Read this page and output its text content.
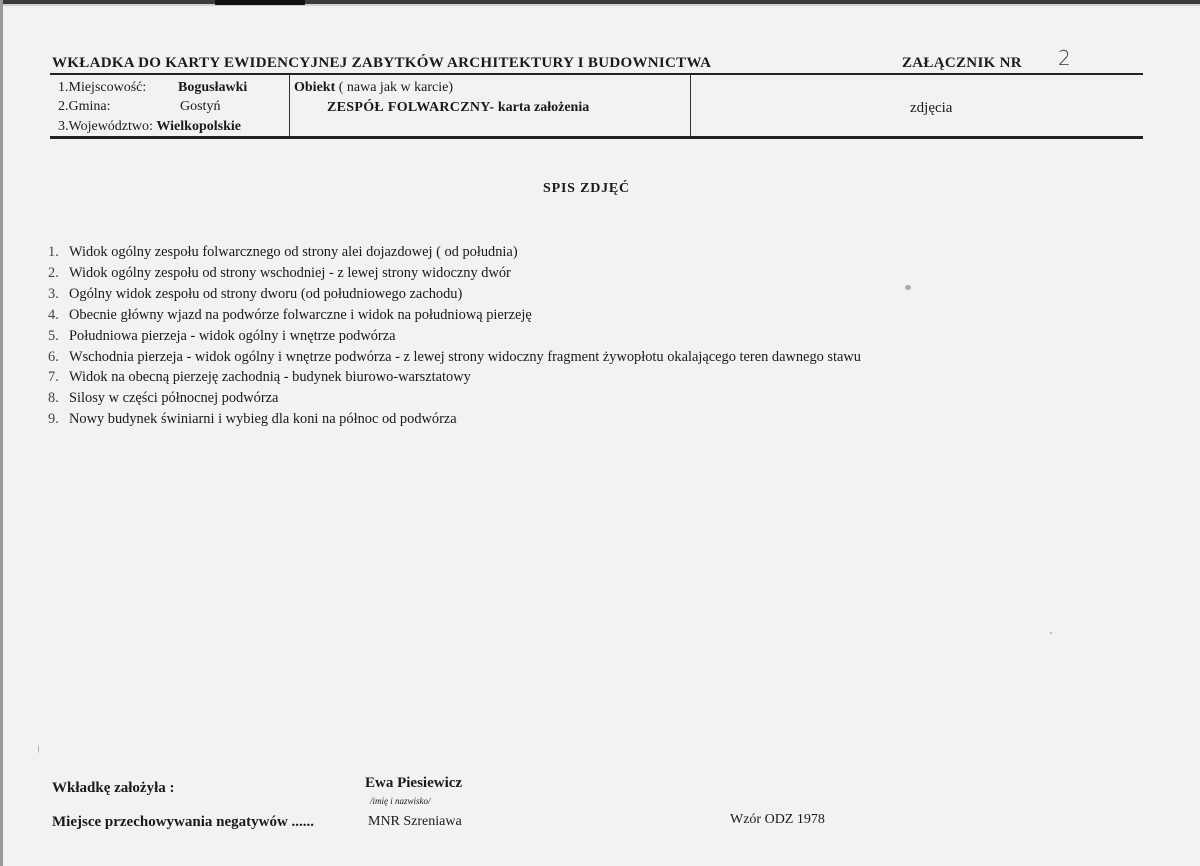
WKŁADKA DO KARTY EWIDENCYJNEJ ZABYTKÓW ARCHITEKTURY I BUDOWNICTWA	ZAŁĄCZNIK NR 2
1.Miejscowość: Bogusławki
2.Gmina:	Gostyń
3.Województwo: Wielkopolskie
Obiekt ( nawa jak w karcie)
ZESPÓŁ FOLWARCZNY- karta założenia	zdjęcia
SPIS ZDJĘĆ
1. Widok ogólny zespołu folwarcznego od strony alei dojazdowej ( od południa)
2. Widok ogólny zespołu od strony wschodniej - z lewej strony widoczny dwór
3. Ogólny widok zespołu od strony dworu (od południowego zachodu)
4. Obecnie główny wjazd na podwórze folwarczne i widok na południową pierzeję
5. Południowa pierzeja - widok ogólny i wnętrze podwórza
6. Wschodnia pierzeja - widok ogólny i wnętrze podwórza - z lewej strony widoczny fragment żywopłotu okalającego teren dawnego stawu
7. Widok na obecną pierzeję zachodnią - budynek biurowo-warsztatowy
8. Silosy w części północnej podwórza
9. Nowy budynek świniarni i wybieg dla koni na północ od podwórza
Wkładkę założyła :	Ewa Piesiewicz
/imię i nazwisko/
Miejsce przechowywania negatywów ......	MNR Szreniawa	Wzór ODZ 1978
